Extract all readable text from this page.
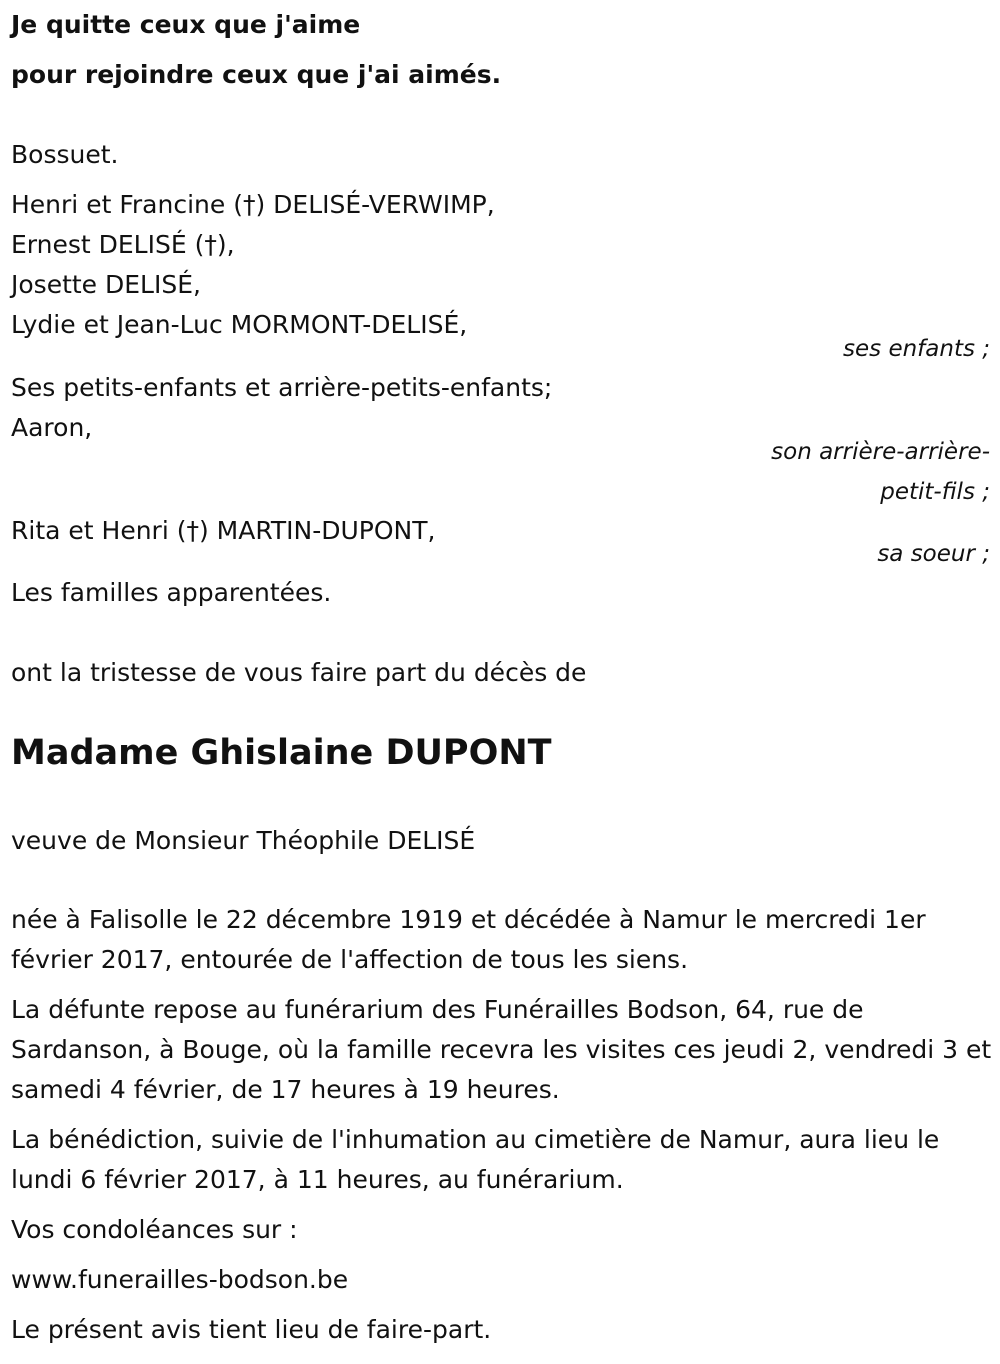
Je quitte ceux que j'aime
pour rejoindre ceux que j'ai aimés.
Bossuet.
Henri et Francine (†) DELISÉ-VERWIMP,
Ernest DELISÉ (†),
Josette DELISÉ,
Lydie et Jean-Luc MORMONT-DELISÉ,
ses enfants ;
Ses petits-enfants et arrière-petits-enfants;
Aaron,
son arrière-arrière-
petit-fils ;
Rita et Henri (†) MARTIN-DUPONT,
sa soeur ;
Les familles apparentées.
ont la tristesse de vous faire part du décès de
Madame Ghislaine DUPONT
veuve de Monsieur Théophile DELISÉ
née à Falisolle le 22 décembre 1919 et décédée à Namur le mercredi 1er février 2017, entourée de l'affection de tous les siens.
La défunte repose au funérarium des Funérailles Bodson, 64, rue de Sardanson, à Bouge, où la famille recevra les visites ces jeudi 2, vendredi 3 et samedi 4 février, de 17 heures à 19 heures.
La bénédiction, suivie de l'inhumation au cimetière de Namur, aura lieu le lundi 6 février 2017, à 11 heures, au funérarium.
Vos condoléances sur :
www.funerailles-bodson.be
Le présent avis tient lieu de faire-part.
